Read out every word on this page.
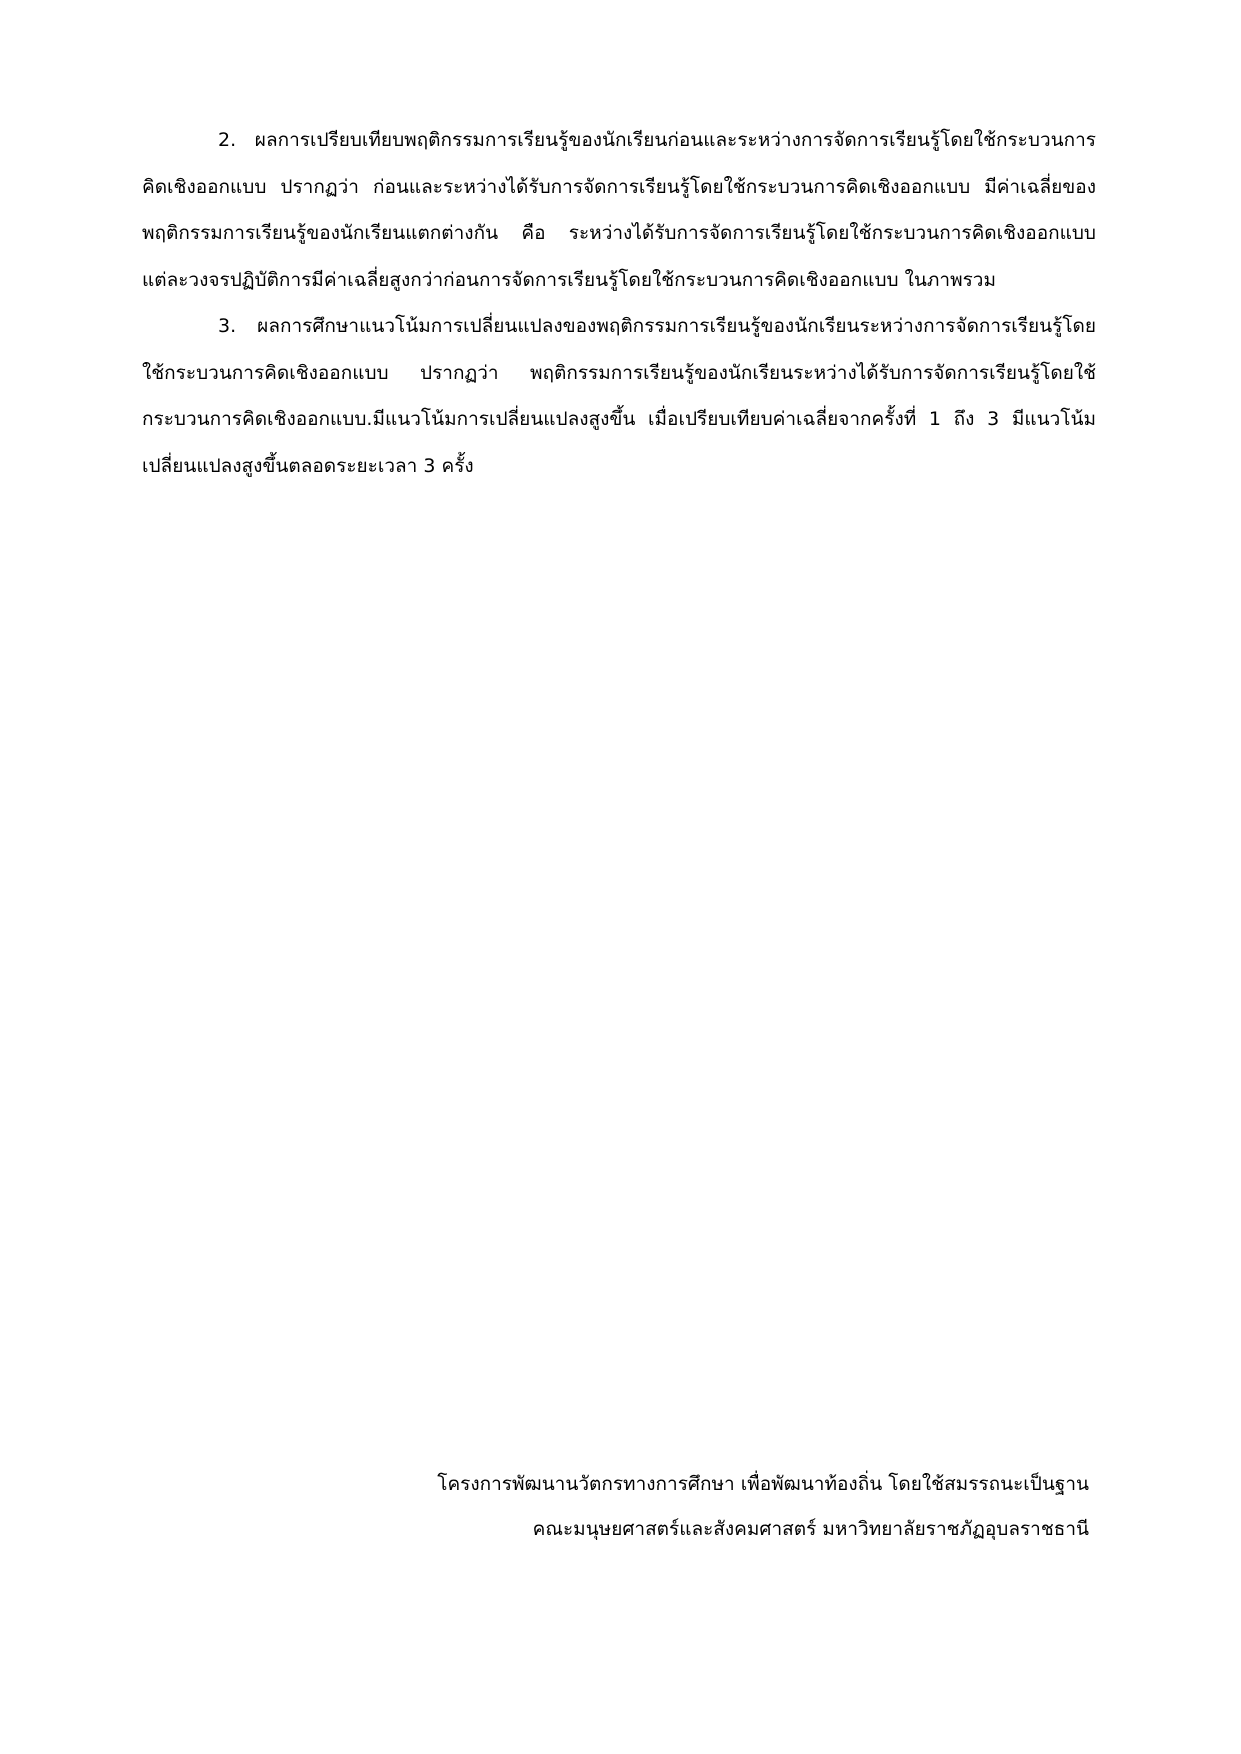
2. ผลการเปรียบเทียบพฤติกรรมการเรียนรู้ของนักเรียนก่อนและระหว่างการจัดการเรียนรู้โดยใช้กระบวนการคิดเชิงออกแบบ ปรากฏว่า ก่อนและระหว่างได้รับการจัดการเรียนรู้โดยใช้กระบวนการคิดเชิงออกแบบ มีค่าเฉลี่ยของพฤติกรรมการเรียนรู้ของนักเรียนแตกต่างกัน คือ ระหว่างได้รับการจัดการเรียนรู้โดยใช้กระบวนการคิดเชิงออกแบบ แต่ละวงจรปฏิบัติการมีค่าเฉลี่ยสูงกว่าก่อนการจัดการเรียนรู้โดยใช้กระบวนการคิดเชิงออกแบบ ในภาพรวม

3. ผลการศึกษาแนวโน้มการเปลี่ยนแปลงของพฤติกรรมการเรียนรู้ของนักเรียนระหว่างการจัดการเรียนรู้โดยใช้กระบวนการคิดเชิงออกแบบ ปรากฏว่า พฤติกรรมการเรียนรู้ของนักเรียนระหว่างได้รับการจัดการเรียนรู้โดยใช้กระบวนการคิดเชิงออกแบบ.มีแนวโน้มการเปลี่ยนแปลงสูงขึ้น เมื่อเปรียบเทียบค่าเฉลี่ยจากครั้งที่ 1 ถึง 3 มีแนวโน้มเปลี่ยนแปลงสูงขึ้นตลอดระยะเวลา 3 ครั้ง

โครงการพัฒนานวัตกรทางการศึกษา เพื่อพัฒนาท้องถิ่น โดยใช้สมรรถนะเป็นฐาน
คณะมนุษยศาสตร์และสังคมศาสตร์ มหาวิทยาลัยราชภัฏอุบลราชธานี
